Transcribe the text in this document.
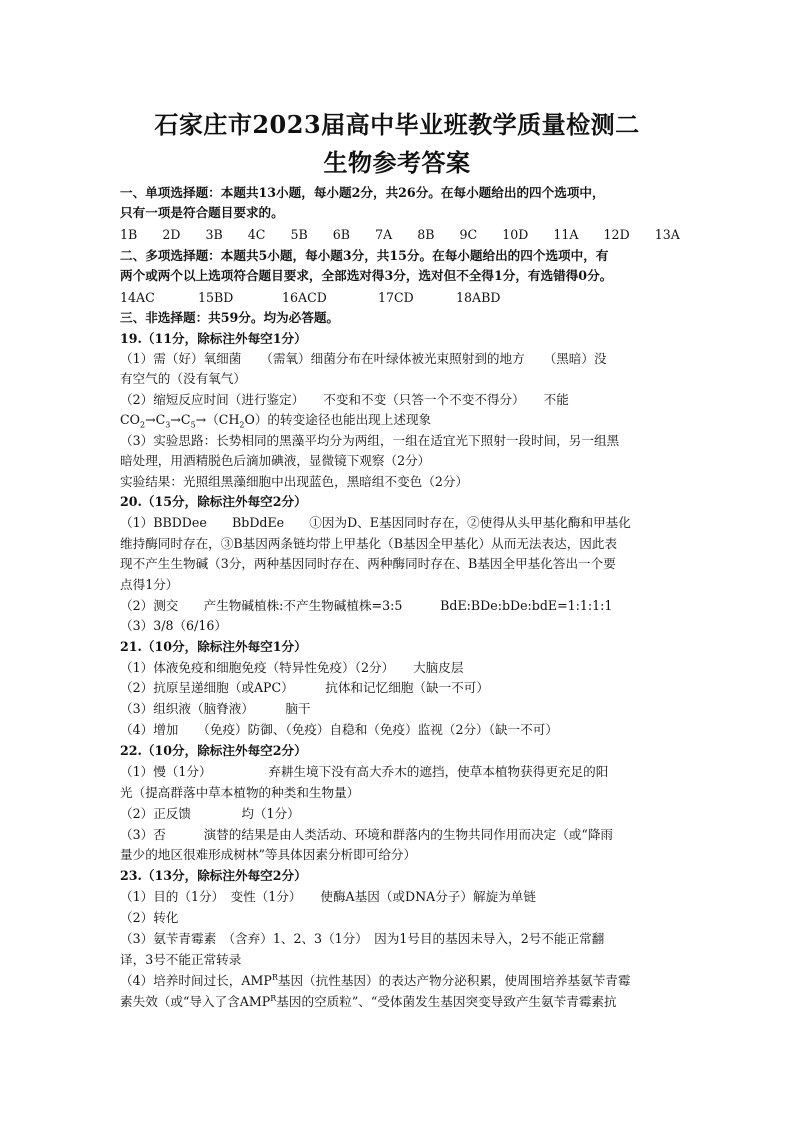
石家庄市2023届高中毕业班教学质量检测二
生物参考答案
一、单项选择题：本题共13小题，每小题2分，共26分。在每小题给出的四个选项中，
只有一项是符合题目要求的。
1B 2D 3B 4C 5B 6B 7A 8B 9C 10D 11A 12D 13A
二、多项选择题：本题共5小题，每小题3分，共15分。在每小题给出的四个选项中，有
两个或两个以上选项符合题目要求，全部选对得3分，选对但不全得1分，有选错得0分。
14AC	15BD	16ACD	17CD	18ABD
三、非选择题：共59分。均为必答题。
19.（11分，除标注外每空1分）
（1）需（好）氧细菌　　（需氧）细菌分布在叶绿体被光束照射到的地方　　（黑暗）没
有空气的（没有氧气）
（2）缩短反应时间（进行鉴定）　　不变和不变（只答一个不变不得分）　　不能
$CO_2\to C_3\to C_5\to(CH_2O)$的转变途径也能出现上述现象
（3）实验思路：长势相同的黑藻平均分为两组，一组在适宜光下照射一段时间，另一组黑
暗处理，用酒精脱色后滴加碘液，显微镜下观察（2分）
实验结果：光照组黑藻细胞中出现蓝色，黑暗组不变色（2分）
20.（15分，除标注外每空2分）
（1）BBDDee　　BbDdEe　　①因为D、E基因同时存在，②使得从头甲基化酶和甲基化
维持酶同时存在，③B基因两条链均带上甲基化（B基因全甲基化）从而无法表达，因此表
现不产生生物碱（3分，两种基因同时存在、两种酶同时存在、B基因全甲基化答出一个要
点得1分）
（2）测交　　产生物碱植株:不产生物碱植株=3:5　　　BdE:BDe:bDe:bdE=1:1:1:1
（3）3/8（6/16）
21.（10分，除标注外每空1分）
（1）体液免疫和细胞免疫（特异性免疫）（2分）　　大脑皮层
（2）抗原呈递细胞（或APC）　　　抗体和记忆细胞（缺一不可）
（3）组织液（脑脊液）　　　脑干
（4）增加　　（免疫）防御、（免疫）自稳和（免疫）监视（2分）（缺一不可）
22.（10分，除标注外每空2分）
（1）慢（1分）　　　　　弃耕生境下没有高大乔木的遮挡，使草本植物获得更充足的阳
光（提高群落中草本植物的种类和生物量）
（2）正反馈　　　　均（1分）
（3）否　　　演替的结果是由人类活动、环境和群落内的生物共同作用而决定（或“降雨
量少的地区很难形成树林”等具体因素分析即可给分）
23.（13分，除标注外每空2分）
（1）目的（1分）　变性（1分）　　使酶A基因（或DNA分子）解旋为单链
（2）转化
（3）氨苄青霉素　（含弃）1、2、3（1分）　因为1号目的基因未导入，2号不能正常翻
译，3号不能正常转录
（4）培养时间过长，$AMP^R$基因（抗性基因）的表达产物分泌积累，使周围培养基氨苄青霉
素失效（或“导入了含$AMP^R$基因的空质粒”、“受体菌发生基因突变导致产生氨苄青霉素抗
